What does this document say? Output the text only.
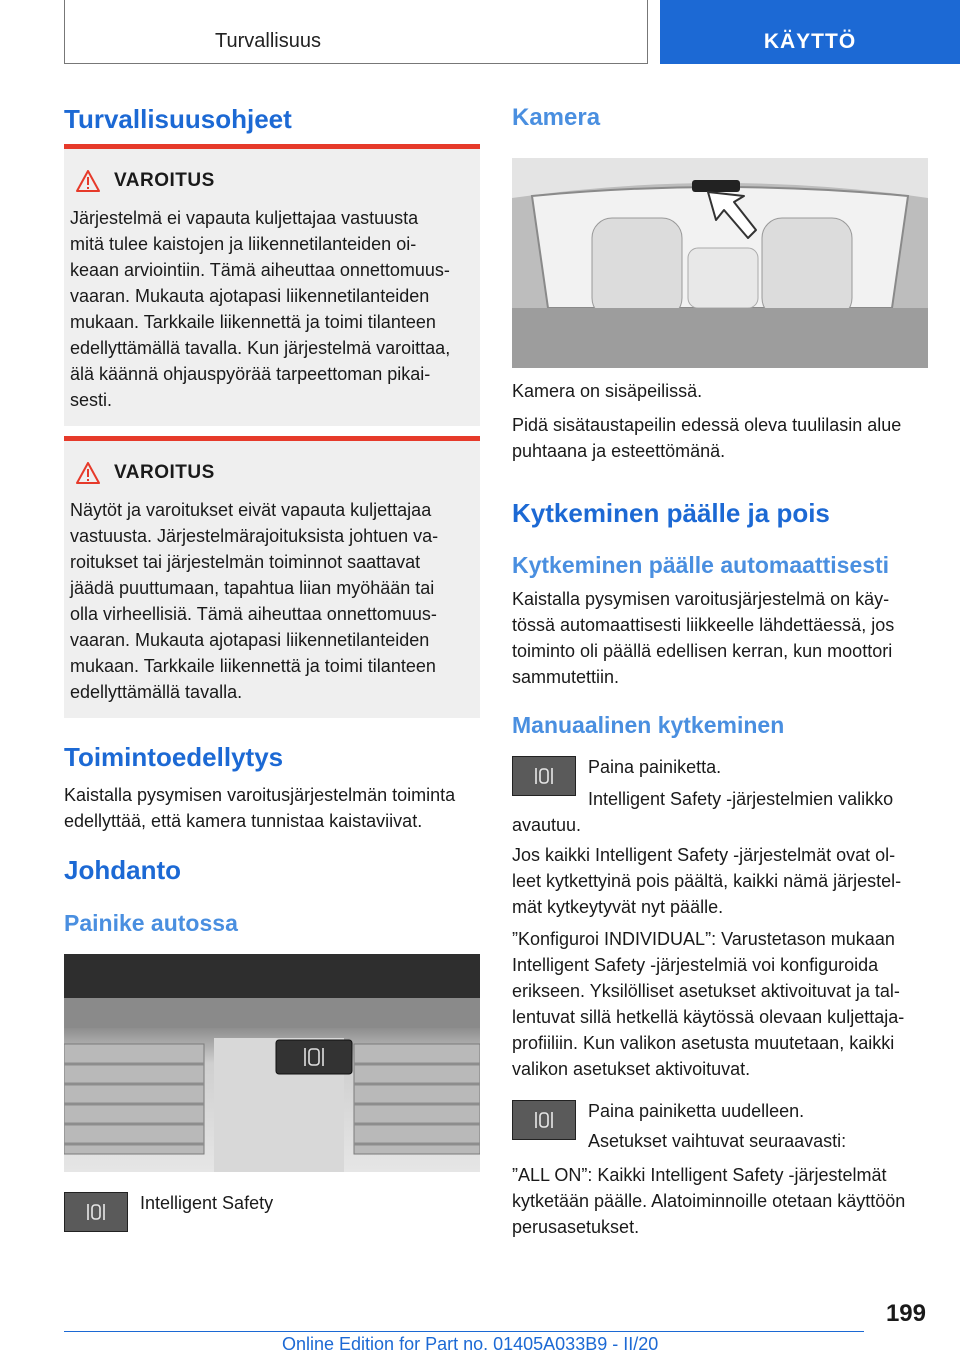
Turvallisuus	KÄYTTÖ
Turvallisuusohjeet
VAROITUS
Järjestelmä ei vapauta kuljettajaa vastuusta
mitä tulee kaistojen ja liikennetilanteiden oi-
keaan arviointiin. Tämä aiheuttaa onnettomuus-
vaaran. Mukauta ajotapasi liikennetilanteiden
mukaan. Tarkkaile liikennettä ja toimi tilanteen
edellyttämällä tavalla. Kun järjestelmä varoittaa,
älä käännä ohjauspyörää tarpeettoman pikai-
sesti.
VAROITUS
Näytöt ja varoitukset eivät vapauta kuljettajaa
vastuusta. Järjestelmärajoituksista johtuen va-
roitukset tai järjestelmän toiminnot saattavat
jäädä puuttumaan, tapahtua liian myöhään tai
olla virheellisiä. Tämä aiheuttaa onnettomuus-
vaaran. Mukauta ajotapasi liikennetilanteiden
mukaan. Tarkkaile liikennettä ja toimi tilanteen
edellyttämällä tavalla.
Toimintoedellytys
Kaistalla pysymisen varoitusjärjestelmän toiminta
edellyttää, että kamera tunnistaa kaistaviivat.
Johdanto
Painike autossa
Intelligent Safety
Kamera
Kamera on sisäpeilissä.
Pidä sisätaustapeilin edessä oleva tuulilasin alue
puhtaana ja esteettömänä.
Kytkeminen päälle ja pois
Kytkeminen päälle automaattisesti
Kaistalla pysymisen varoitusjärjestelmä on käy-
tössä automaattisesti liikkeelle lähdettäessä, jos
toiminto oli päällä edellisen kerran, kun moottori
sammutettiin.
Manuaalinen kytkeminen
Paina painiketta.
Intelligent Safety -järjestelmien valikko
avautuu.
Jos kaikki Intelligent Safety -järjestelmät ovat ol-
leet kytkettyinä pois päältä, kaikki nämä järjestel-
mät kytkeytyvät nyt päälle.
”Konfiguroi INDIVIDUAL”: Varustetason mukaan
Intelligent Safety -järjestelmiä voi konfiguroida
erikseen. Yksilölliset asetukset aktivoituvat ja tal-
lentuvat sillä hetkellä käytössä olevaan kuljettaja-
profiiliin. Kun valikon asetusta muutetaan, kaikki
valikon asetukset aktivoituvat.
Paina painiketta uudelleen.
Asetukset vaihtuvat seuraavasti:
”ALL ON”: Kaikki Intelligent Safety -järjestelmät
kytketään päälle. Alatoiminnoille otetaan käyttöön
perusasetukset.
199
Online Edition for Part no. 01405A033B9 - II/20
